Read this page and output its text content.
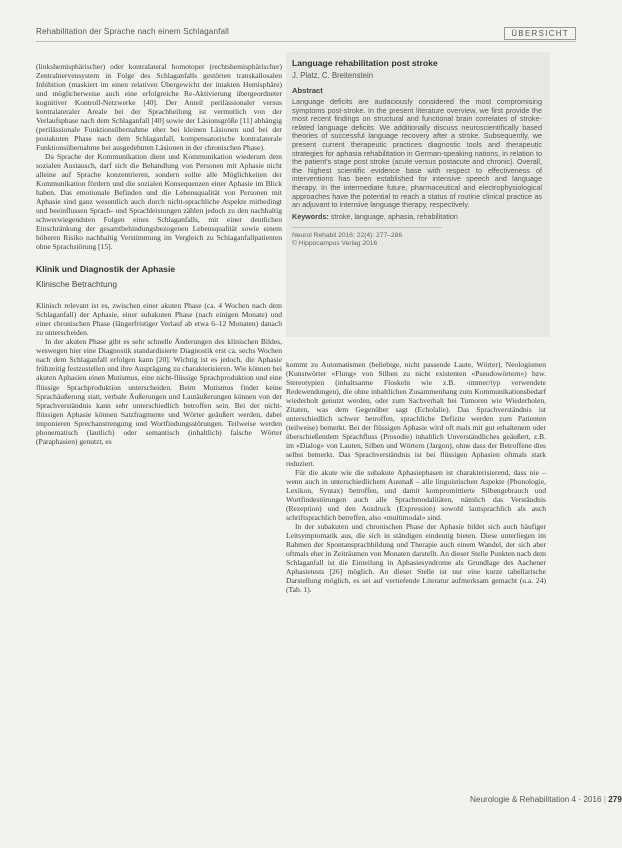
Rehabilitation der Sprache nach einem Schlaganfall	ÜBERSICHT

(linkshemisphärischer) oder kontralateral homotoper (rechtshemisphärischer) Zentralnervensystem in Folge des Schlaganfalls gestörten transkallosalen Inhibition (maskiert im einen relativen Übergewicht der intakten Hemisphäre) und möglicherweise auch eine erfolgreiche Re-Aktivierung übergeordneter kognitiver Kontroll-Netzwerke [40]. Der Anteil perilässionaler versus kontralateraler Areale bei der Sprachheilung ist vermutlich von der Verlaufsphase nach dem Schlaganfall [40] sowie der Läsionsgröße [11] abhängig (perilässionale Funktionsübernahme eher bei kleinen Läsionen und bei der postakuten Phase nach dem Schlaganfall, kompensatorische kontralaterale Funktionsübernahme bei ausgedehnten Läsionen in der chronischen Phase).

Da Sprache der Kommunikation dient und Kommunikation wiederum dem sozialen Austausch, darf sich die Behandlung von Personen mit Aphasie nicht alleine auf Sprache konzentrieren, sondern sollte alle Möglichkeiten der Kommunikation fördern und die sozialen Konsequenzen einer Aphasie im Blick haben. Das emotionale Befinden und die Lebensqualität von Personen mit Aphasie sind ganz wesentlich auch durch nicht-sprachliche Aspekte mitbedingt und beeinflussen Sprach- und Sprachleistungen zählen jedoch zu den nachhaltig schwerwiegendsten Folgen eines Schlaganfalls, mit einer deutlichen Einschränkung der gesamtbehindungsbezogenen Lebensqualität sowie einem höheren Risiko nachhaltig Verstimmung im Vergleich zu Schlaganfallpatienten ohne Sprachstörung [15].

Klinik und Diagnostik der Aphasie
Klinische Betrachtung

Klinisch relevant ist es, zwischen einer akuten Phase (ca. 4 Wochen nach dem Schlaganfall) der Aphasie, einer subakuten Phase (nach einigen Monate) und einer chronischen Phase (längerfristiger Verlauf ab etwa 6–12 Monaten) danach zu unterscheiden.

In der akuten Phase gibt es sehr schnelle Änderungen des klinischen Bildes, weswegen hier eine Diagnostik standardisierte Diagnostik erst ca. sechs Wochen nach dem Schlaganfall erfolgen kann [20]. Wichtig ist es jedoch, die Aphasie frühzeitig festzustellen und ihre Ausprägung zu charakterisieren. Wie können bei akuten Aphasien einen Mutismus, eine nicht-flüssige Sprachproduktion und eine flüssige Sprachproduktion unterscheiden. Beim Mutismus findet keine Sprachäußerung statt, verbale Äußerungen und Lautäußerungen können von der Sprachverständnis kann sehr unterschiedlich betroffen sein. Bei der nicht-flüssigen Aphasie können Satzfragmente und Wörter geäußert werden, dabei imponieren Sprechanstrengung und Wortfindungsstörungen. Teilweise werden phonematisch (lautlich) oder semantisch (inhaltlich) falsche Wörter (Paraphasien) genutzt, es

Language rehabilitation post stroke
J. Platz, C. Breitenstein
Abstract
Language deficits are audaciously considered the most compromising symptoms post-stroke. In the present literature overview, we first provide the most recent findings on structural and functional brain correlates of stroke-related language deficits. We additionally discuss neuroscientifically based theories of successful language recovery after a stroke. Subsequently, we present current therapeutic practices diagnostic tools and therapeutic strategies for aphasia rehabilitation in German-speaking nations, in relation to the patient's stage post stroke (acute versus postacute and chronic). Overall, the highest scientific evidence base with respect to effectiveness of interventions has been established for intensive speech and language therapy. In the intermediate future, pharmaceutical and electrophysiological approaches have the potential to reach a status of routine clinical practice as an adjuvant to intensive language therapy, respectively.
Keywords: stroke, language, aphasia, rehabilitation
Neurol Rehabil 2016; 22(4): 277–286
© Hippocampus Verlag 2016

kommt zu Automatismen (beliebige, nicht passende Laute, Wörter), Neologismen (Kunstwörter «Flung» von Silben zu nicht existenten «Pseudowörtern») bzw. Stereotypien (inhaltsarme Floskeln wie z.B. ›immer/typ verwendete Redewendungen), die ohne inhaltlichen Zusammenhang zum Kommunikationsbedarf wiederholt genutzt werden, oder zum Sachverhalt bei Tumoren wie Wiederholen, Zitaten, was dem Gegenüber sagt (Echolalie). Das Sprachverständnis ist unterschiedlich schwer betroffen, sprachliche Defizite werden zum Patienten (teilweise) bemerkt. Bei der flüssigen Aphasie wird oft mals mit gut erhaltenem oder überschießendem Sprachfluss (Prosodie) inhaltlich Unverständliches geäußert, z.B. im «Dialog» von Lauten, Silben und Wörtern (Jargon), ohne dass der Betroffene dies selbst bemerkt. Das Sprachverständnis ist bei flüssigen Aphasien oftmals stark reduziert.

Für die akute wie die subakute Aphasiephasen ist charakterisierend, dass nie – wenn auch in unterschiedlichem Ausmaß – alle linguistischen Aspekte (Phonologie, Lexikon, Syntax) betroffen, und damit kompromittierte Silbengebrauch und Wortfindestörungen auch alle Sprachmodalitäten, nämlich das Verständnis (Rezeption) und den Ausdruck (Expression) sowohl lautsprachlich als auch schriftsprachlich betreffen, also «multimodal» sind.

In der subakuten und chronischen Phase der Aphasie bildet sich auch häufiger Leitsymptomatik aus, die sich in ständigen eindeutig bieten. Diese unterliegen im Rahmen der Spontansprachbildung und Therapie auch einem Wandel, der sich aber oftmals eher in Zeiträumen von Monaten darstellt. An dieser Stelle Punkten nach dem Schlaganfall ist die Einteilung in Aphasiesyndrome als Grundlage des Aachener Aphasietests [26] möglich. An dieser Stelle ist nur eine kurze tabellarische Darstellung möglich, es sei auf vertiefende Literatur aufmerksam gemacht (u.a. 24) (Tab. 1).

Neurologie & Rehabilitation 4 · 2016 | 279
